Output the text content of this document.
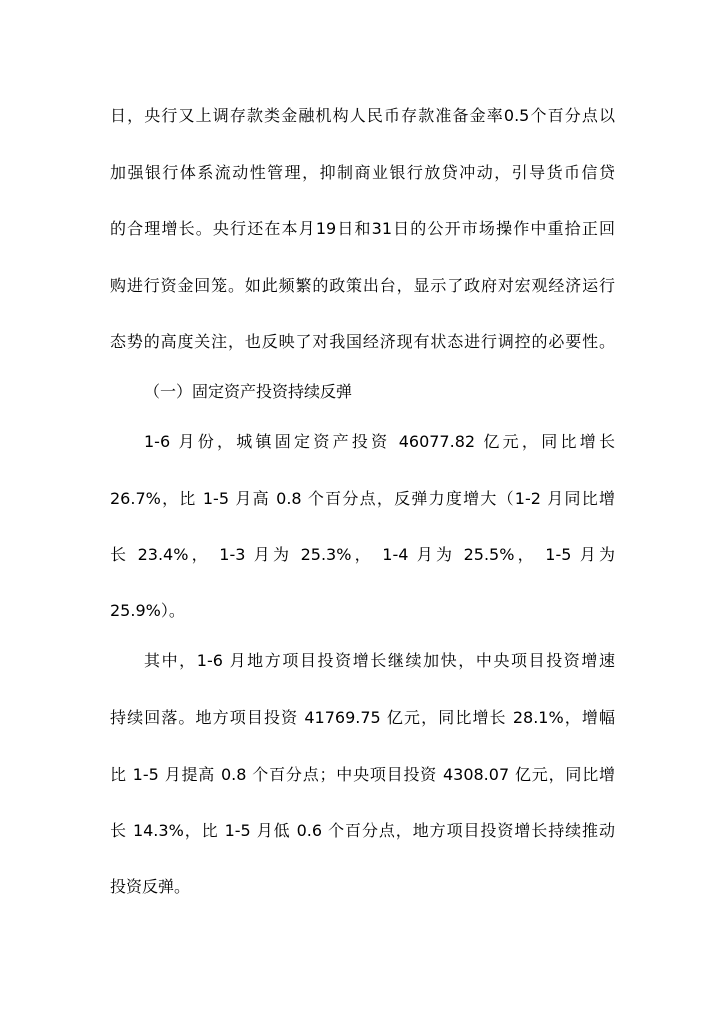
日，央行又上调存款类金融机构人民币存款准备金率0.5个百分点以
加强银行体系流动性管理，抑制商业银行放贷冲动，引导货币信贷
的合理增长。央行还在本月19日和31日的公开市场操作中重拾正回
购进行资金回笼。如此频繁的政策出台，显示了政府对宏观经济运行
态势的高度关注，也反映了对我国经济现有状态进行调控的必要性。
（一）固定资产投资持续反弹
1-6 月份，城镇固定资产投资 46077.82 亿元，同比增长
26.7%，比 1-5 月高 0.8 个百分点，反弹力度增大（1-2 月同比增
长 23.4%， 1-3 月为 25.3%， 1-4 月为 25.5%， 1-5 月为
25.9%）。
其中，1-6 月地方项目投资增长继续加快，中央项目投资增速
持续回落。地方项目投资 41769.75 亿元，同比增长 28.1%，增幅
比 1-5 月提高 0.8 个百分点；中央项目投资 4308.07 亿元，同比增
长 14.3%，比 1-5 月低 0.6 个百分点，地方项目投资增长持续推动
投资反弹。
